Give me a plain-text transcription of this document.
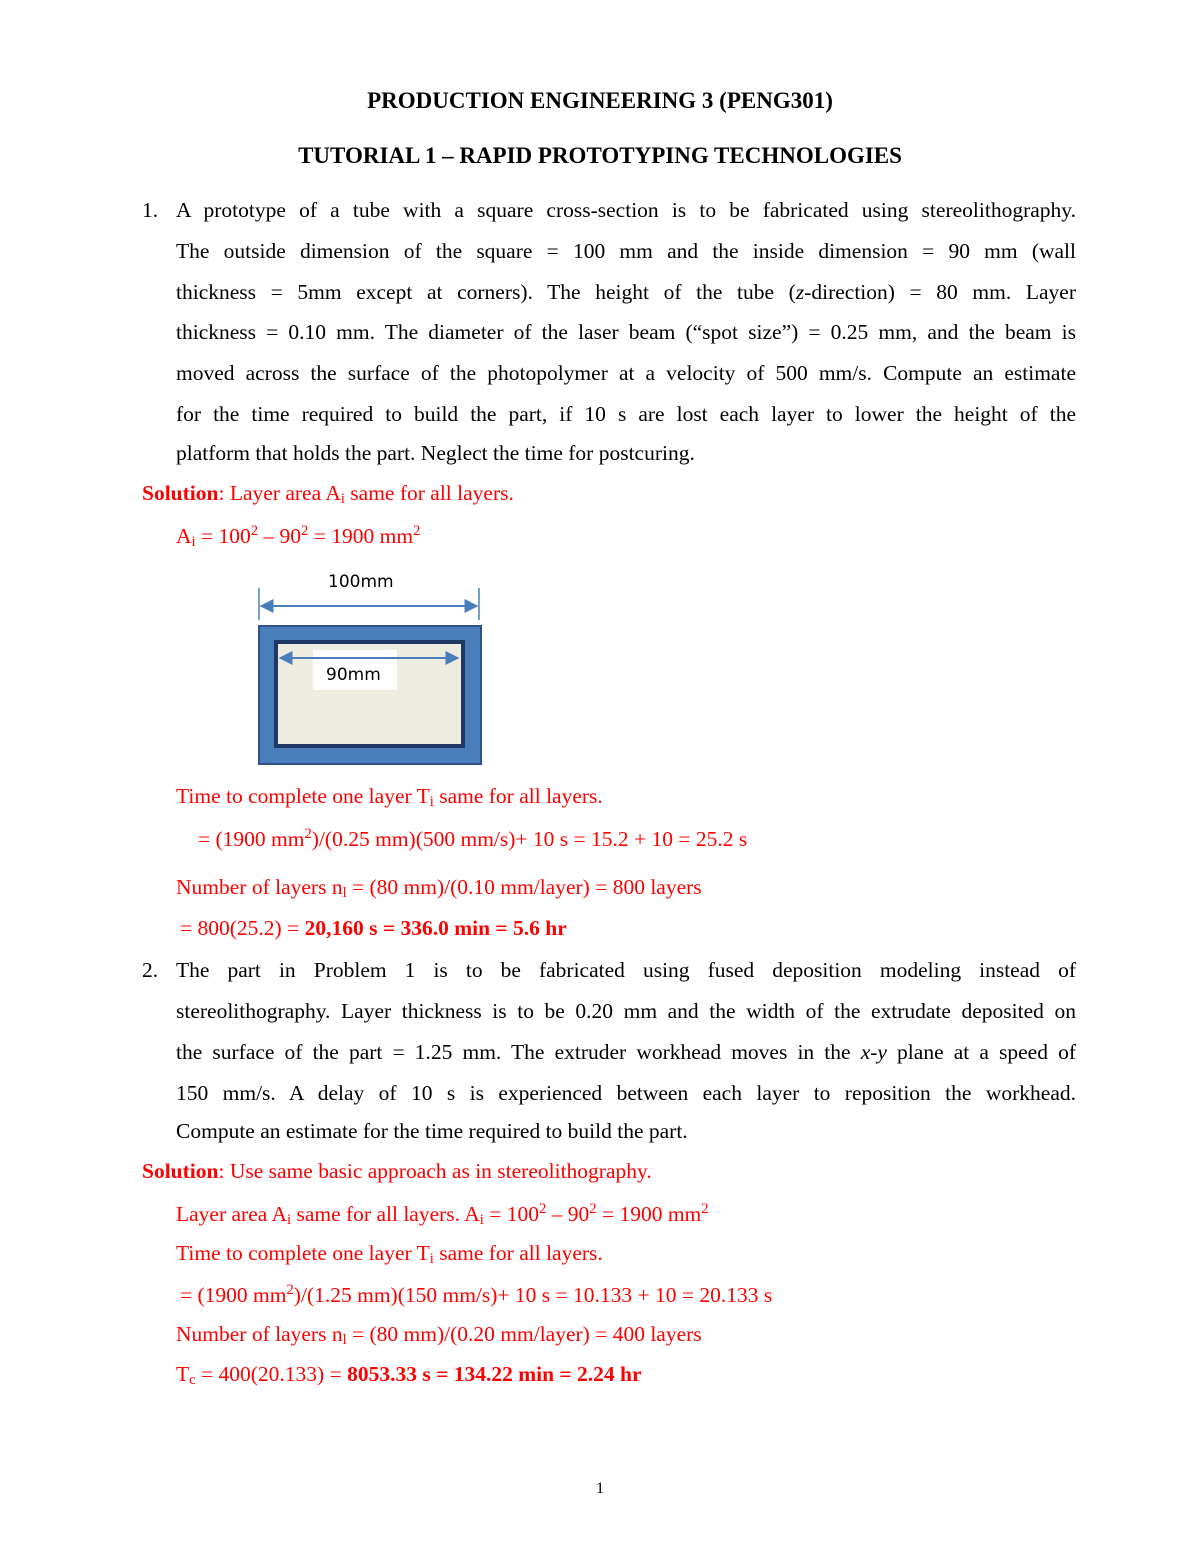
PRODUCTION ENGINEERING 3 (PENG301)
TUTORIAL 1 – RAPID PROTOTYPING TECHNOLOGIES
1. A prototype of a tube with a square cross-section is to be fabricated using stereolithography.
The outside dimension of the square = 100 mm and the inside dimension = 90 mm (wall
thickness = 5mm except at corners). The height of the tube (z-direction) = 80 mm. Layer
thickness = 0.10 mm. The diameter of the laser beam (“spot size”) = 0.25 mm, and the beam is
moved across the surface of the photopolymer at a velocity of 500 mm/s. Compute an estimate
for the time required to build the part, if 10 s are lost each layer to lower the height of the
platform that holds the part. Neglect the time for postcuring.
Solution: Layer area $A_i$ same for all layers.
$A_i = 100^2 - 90^2 = 1900$ $mm^2$
100mm
90mm
Time to complete one layer $T_i$ same for all layers.
= (1900 $mm^2)/(0.25$ mm)(500 mm/s)+ 10 s = 15.2 + 10 = 25.2 s
Number of layers $n_l = (80$ mm)/(0.10 mm/layer) = 800 layers
= 800(25.2) = 20,160 s = 336.0 min = 5.6 hr
2. The part in Problem 1 is to be fabricated using fused deposition modeling instead of
stereolithography. Layer thickness is to be 0.20 mm and the width of the extrudate deposited on
the surface of the part = 1.25 mm. The extruder workhead moves in the x-y plane at a speed of
150 mm/s. A delay of 10 s is experienced between each layer to reposition the workhead.
Compute an estimate for the time required to build the part.
Solution: Use same basic approach as in stereolithography.
Layer area $A_i$ same for all layers. $A_i = 100^2 - 90^2 = 1900$ $mm^2$
Time to complete one layer $T_i$ same for all layers.
= (1900 $mm^2)/(1.25$ mm)(150 mm/s)+ 10 s = 10.133 + 10 = 20.133 s
Number of layers $n_l = (80$ mm)/(0.20 mm/layer) = 400 layers
$T_c = 400(20.133) = 8053.33$ s = 134.22 min = 2.24 hr
1
